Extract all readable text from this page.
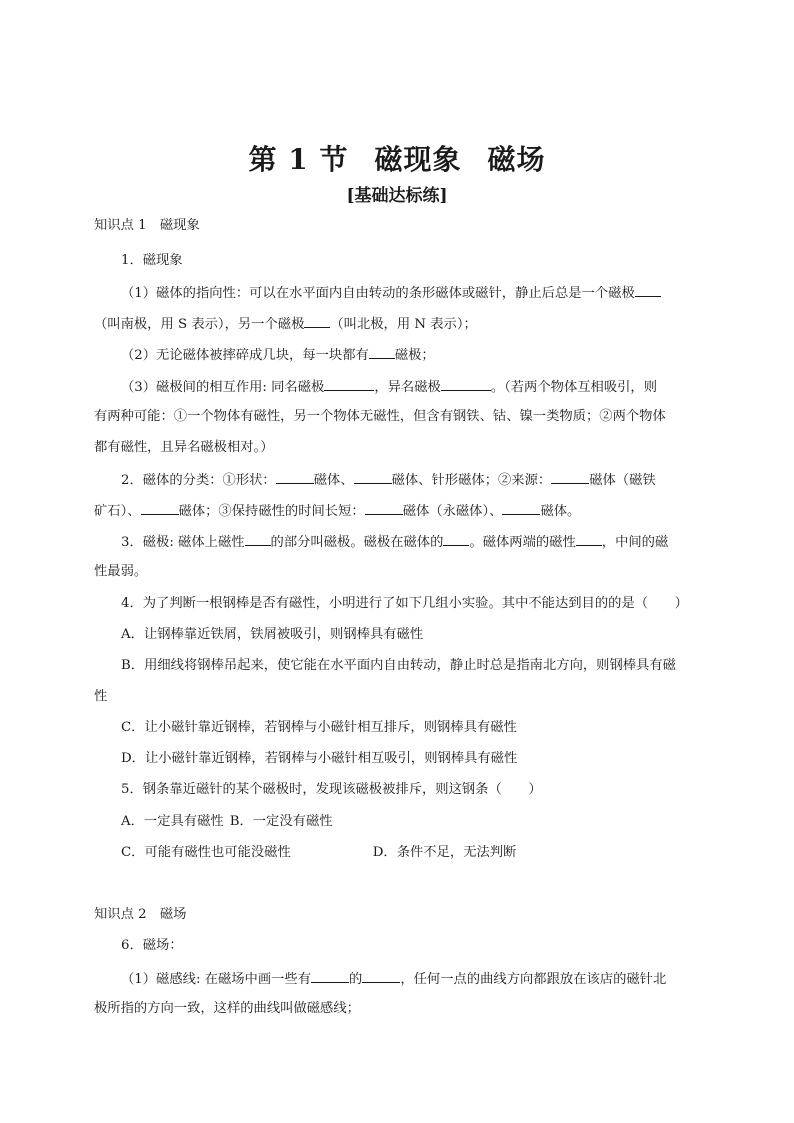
第 1 节 磁现象 磁场
[基础达标练]
知识点 1　磁现象
1．磁现象
（1）磁体的指向性：可以在水平面内自由转动的条形磁体或磁针，静止后总是一个磁极
（叫南极，用 S 表示），另一个磁极 （叫北极，用 N 表示）；
（2）无论磁体被摔碎成几块，每一块都有 磁极；
（3）磁极间的相互作用: 同名磁极	，异名磁极	。（若两个物体互相吸引，则
有两种可能：①一个物体有磁性，另一个物体无磁性，但含有钢铁、钴、镍一类物质；②两个物体
都有磁性，且异名磁极相对。）
2．磁体的分类：①形状：	磁体、	磁体、针形磁体；②来源：	磁体（磁铁
矿石）、	磁体；③保持磁性的时间长短：	磁体（永磁体）、	磁体。
3．磁极: 磁体上磁性 的部分叫磁极。磁极在磁体的 。磁体两端的磁性 ，中间的磁
性最弱。
4．为了判断一根钢棒是否有磁性，小明进行了如下几组小实验。其中不能达到目的的是（　　）
A．让钢棒靠近铁屑，铁屑被吸引，则钢棒具有磁性
B．用细线将钢棒吊起来，使它能在水平面内自由转动，静止时总是指南北方向，则钢棒具有磁
性
C．让小磁针靠近钢棒，若钢棒与小磁针相互排斥，则钢棒具有磁性
D．让小磁针靠近钢棒，若钢棒与小磁针相互吸引，则钢棒具有磁性
5．钢条靠近磁针的某个磁极时，发现该磁极被排斥，则这钢条（　　）
A．一定具有磁性 B．一定没有磁性
C．可能有磁性也可能没磁性	D．条件不足，无法判断
知识点 2　磁场
6．磁场：
（1）磁感线: 在磁场中画一些有	的	，任何一点的曲线方向都跟放在该店的磁针北
极所指的方向一致，这样的曲线叫做磁感线；
